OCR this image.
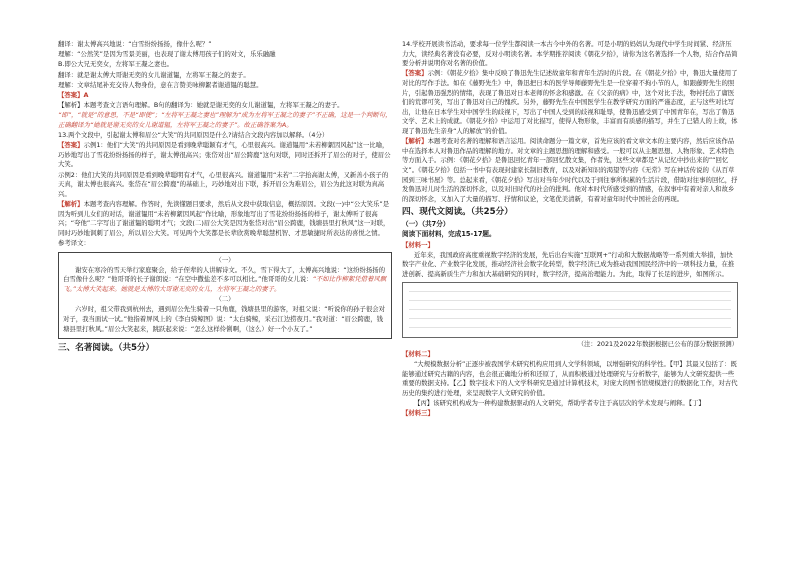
翻译：谢太傅高兴地说：“白雪纷纷扬扬，像什么呢？”

理解：“公然笑”是因为雪景美丽，也表现了谢太傅用孩子们的对文，乐乐融融

B.即公大兄无奕女，左将军王凝之妻也。

翻译：就是谢太傅大哥谢无奕的女儿谢道韫，左将军王凝之的妻子。

理解：文章结尾补充交待人物身份，意在言赞美咏柳絮者谢道韫的聪慧。

【答案】A

【解析】本题考查文言语句理解。B句的翻译为：她就是谢无奕的女儿谢道韫，左将军王凝之的妻子。

“即”，“就是”的意思，不是“即使”；“左将军王凝之妻也”理解为“成为左将军王凝之的妻子”不正确，这是一个判断句，正确翻译为“她就是谢无奕的女儿谢道韫，左将军王凝之的妻子”。故正确答案为A。

13.两个文段中，引起谢太傅和眉公“大笑”的共同原因是什么?请结合文段内容加以解释。（4分）

【答案】示例1：他们“大笑”的共同原因是看到晚辈聪颖有才气，心里很高兴。谢道韫用“未若柳絮因风起”这一比喻，巧妙地写出了雪花纷纷扬扬的样子，谢太傅很高兴；张岱对出“眉公跨鹿”这句对联，同时还拆开了眉公的对子，使眉公大笑。

示例2：他们大笑的共同原因是看到晚辈聪明有才气，心里很高兴。谢道韫用“未若”二字抬高谢太傅，又新善小孩子的天真，谢太傅也很高兴。张岱在“眉公跨鹿”的基础上，巧妙地对出下联，拆开眉公为难眉公，眉公为此这对联为真高兴。

【解析】本题考查内容理解。作答时，先读懂题目要求，然后从文段中获取信息，概括原因。文段(一)中“公大笑乐”是因为听到儿女们的对话，谢道韫用“未若柳絮因风起”作比喻，形象地写出了雪花纷纷扬扬的样子，谢太傅听了很高兴；“夸他”二字写出了谢道韫的聪明才气；文段(二)眉公大笑是因为张岱对出“眉公跨鹿，钱塘县里打秋风”这一对联，同时巧妙地讽刺了眉公，所以眉公大笑。可见两个大笑都是长辈欣赏晚辈聪慧机智、才思敏捷时所表达的喜悦之情。

参考译文：

（一）

谢安在寒冷的雪天举行家庭聚会，给子侄辈的人讲解诗文。不久，雪下得大了，太傅高兴地说：“这纷纷扬扬的白雪像什么呢？”他哥哥的长子谢朗说：“在空中撒盐差不多可以相比。”他哥哥的女儿说：“不如比作柳絮凭借着风飘飞。”太傅大笑起来。她就是太傅的大哥谢无奕的女儿，左将军王凝之的妻子。

（二）

六岁时，祖父带我到杭州去，遇到眉公先生骑着一只角鹿，钱塘县里的游客，对祖父说：“听说你的孙子很会对对子，我当面试一试。”他指着屏风上的《李白骑鲸图》说：“太白骑鲸，采石江边捞夜月。”我对道：“眉公跨鹿，钱塘县里打秋风。”眉公大笑起来，跳跃起来说：“怎么这样伶俐啊，（这么）好一个小友了。”

三、名著阅读。（共5分）

14.学校开展读书活动，要求每一位学生都阅读一本古今中外的名著。可是小明的妈妈认为现代中学生时间紧、经济压力大，读经典名著没有必要，反对小明读名著。本学期推荐阅读《朝花夕拾》，请你为这名著选择一个人物，结合作品简要分析并说明你对名著的价值。

【答案】示例：《朝花夕拾》集中反映了鲁迅先生记述故童年和青年生活时的片段。在《朝花夕拾》中，鲁迅大量使用了对比的写作手法。如在《藤野先生》中，鲁迅把日本的医学导师藤野先生是一位穿着不拘小节的人，如跟藤野先生的照片，引起鲁迅强烈的情绪，表现了鲁迅对日本老师的怀念和感激。在《父亲的病》中，这个对比手法，物衬托出了庸医们的荒谬可笑，写出了鲁迅对自己的愧疚。另外，藤野先生在中国医学生在教学研究方面的严谨态度，正与这些对比写出，让他在日本学生对中国学生的歧视下，写出了中国人受到的歧视和耻辱，使鲁迅感受到了中国青年在，写出了鲁迅文学、艺术上的成就。《朝花夕拾》中运用了对比描写，使得人物形象，丰富而有质感的描写，并生了已错人的上故，体现了鲁迅先生亲身“人的解放”的价值。

【解析】本题考查对名著的理解和语言运用。阅读命题分一篇文章，首先应该的看文章文本的主要内容，然后应该作品中在选择本人对鲁迅作品的理解的地方。对文章的主题思想的理解和感受。一般可以从主题思想、人物形象、艺术特色等方面入手。示例：《朝花夕拾》是鲁迅回忆青年一部回忆散文集，作者先，这些文章都是“从记忆中抄出来的”“回忆文”。《朝花夕拾》包括一书中有表现封建家长制旧教育，以及对新知识的渴望等内容《无常》写在神话传说的《从百草园到三味书屋》等。总起来看，《朝花夕拾》写出对当年少时代以及于到往事所积累的生活片段，借助对往事的回忆，抒发鲁迅对儿时生活的深切怀念，以及对旧时代的社会的批判。他对本时代所感受到的情感，在叙事中有着对亲人和故乡的深切怀念，又加入了大量的描写、抒情和议论，文笔优美清新，有着对童年时代中国社会的再现。

四、现代文阅读。（共25分）

（一）（共7分）

阅读下面材料，完成15-17题。

【材料一】

近年来，我国政府高度重视数字经济的发展，先后出台实施“互联网+”行动和大数据战略等一系列重大举措，加快数字产业化、产业数字化发展，推动经济社会数字化转型，数字经济已成为推动我国国民经济中的一项科技力量，在推进创新、提高新质生产力和加大基础研究的同时，数字经济，提高治理能力。为此，取得了长足的进步，如图所示。

（注：2021及2022年数据根据已公布的部分数据预测）

【材料二】

“大规模数据分析”正逐步被我国学术研究机构应用到人文学科领域，以增强研究的科学性。【甲】其最又包括了：既能够通过研究古籍的内容，也会很正确地分析和还原了，从而积极通过处理研究与分析数字，能够为人文研究提供一些重要的数据支持。【乙】数字技术下的人文学科研究是通过计算机技术，对庞大的图书馆规模进行的数据化工作，对古代历史的集约进行处理，来呈现数字人文研究的价值。

【丙】该研究机构成为一种构建数据驱动的人文研究，帮助学者专注于高层次的学术发现与阐释。【丁】

【材料三】
